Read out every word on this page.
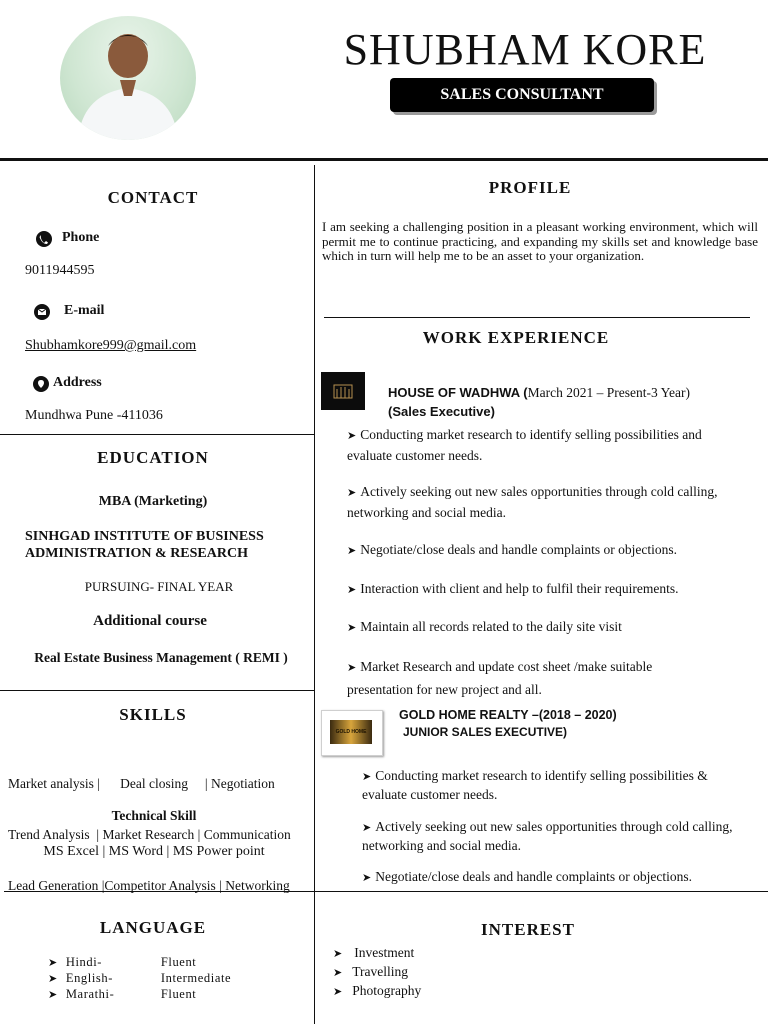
SHUBHAM KORE
SALES CONSULTANT
CONTACT
Phone
9011944595
E-mail
Shubhamkore999@gmail.com
Address
Mundhwa Pune -411036
EDUCATION
MBA (Marketing)
SINHGAD INSTITUTE OF BUSINESS
ADMINISTRATION & RESEARCH
PURSUING- FINAL YEAR
Additional course
Real Estate Business Management ( REMI )
SKILLS

Market analysis |      Deal closing     | Negotiation

Trend Analysis  | Market Research | Communication

Lead Generation |Competitor Analysis | Networking

Technical Skill
MS Excel | MS Word | MS Power point
LANGUAGE
➤ Hindi-	Fluent
➤ English-	Intermediate
➤ Marathi-	Fluent
PROFILE
I am seeking a challenging position in a pleasant working environment, which will permit me to continue practicing, and expanding my skills set and knowledge base which in turn will help me to be an asset to your organization.
WORK EXPERIENCE
HOUSE OF WADHWA (March 2021 – Present-3 Year)
(Sales Executive)
➤ Conducting market research to identify selling possibilities and evaluate customer needs.
➤ Actively seeking out new sales opportunities through cold calling, networking and social media.
➤ Negotiate/close deals and handle complaints or objections.
➤ Interaction with client and help to fulfil their requirements.
➤ Maintain all records related to the daily site visit
➤ Market Research and update cost sheet /make suitable presentation for new project and all.
GOLD HOME
GOLD HOME REALTY –(2018 – 2020)
JUNIOR SALES EXECUTIVE)
➤ Conducting market research to identify selling possibilities & evaluate customer needs.
➤ Actively seeking out new sales opportunities through cold calling, networking and social media.
➤ Negotiate/close deals and handle complaints or objections.
INTEREST
➤ Investment
➤ Travelling
➤ Photography
